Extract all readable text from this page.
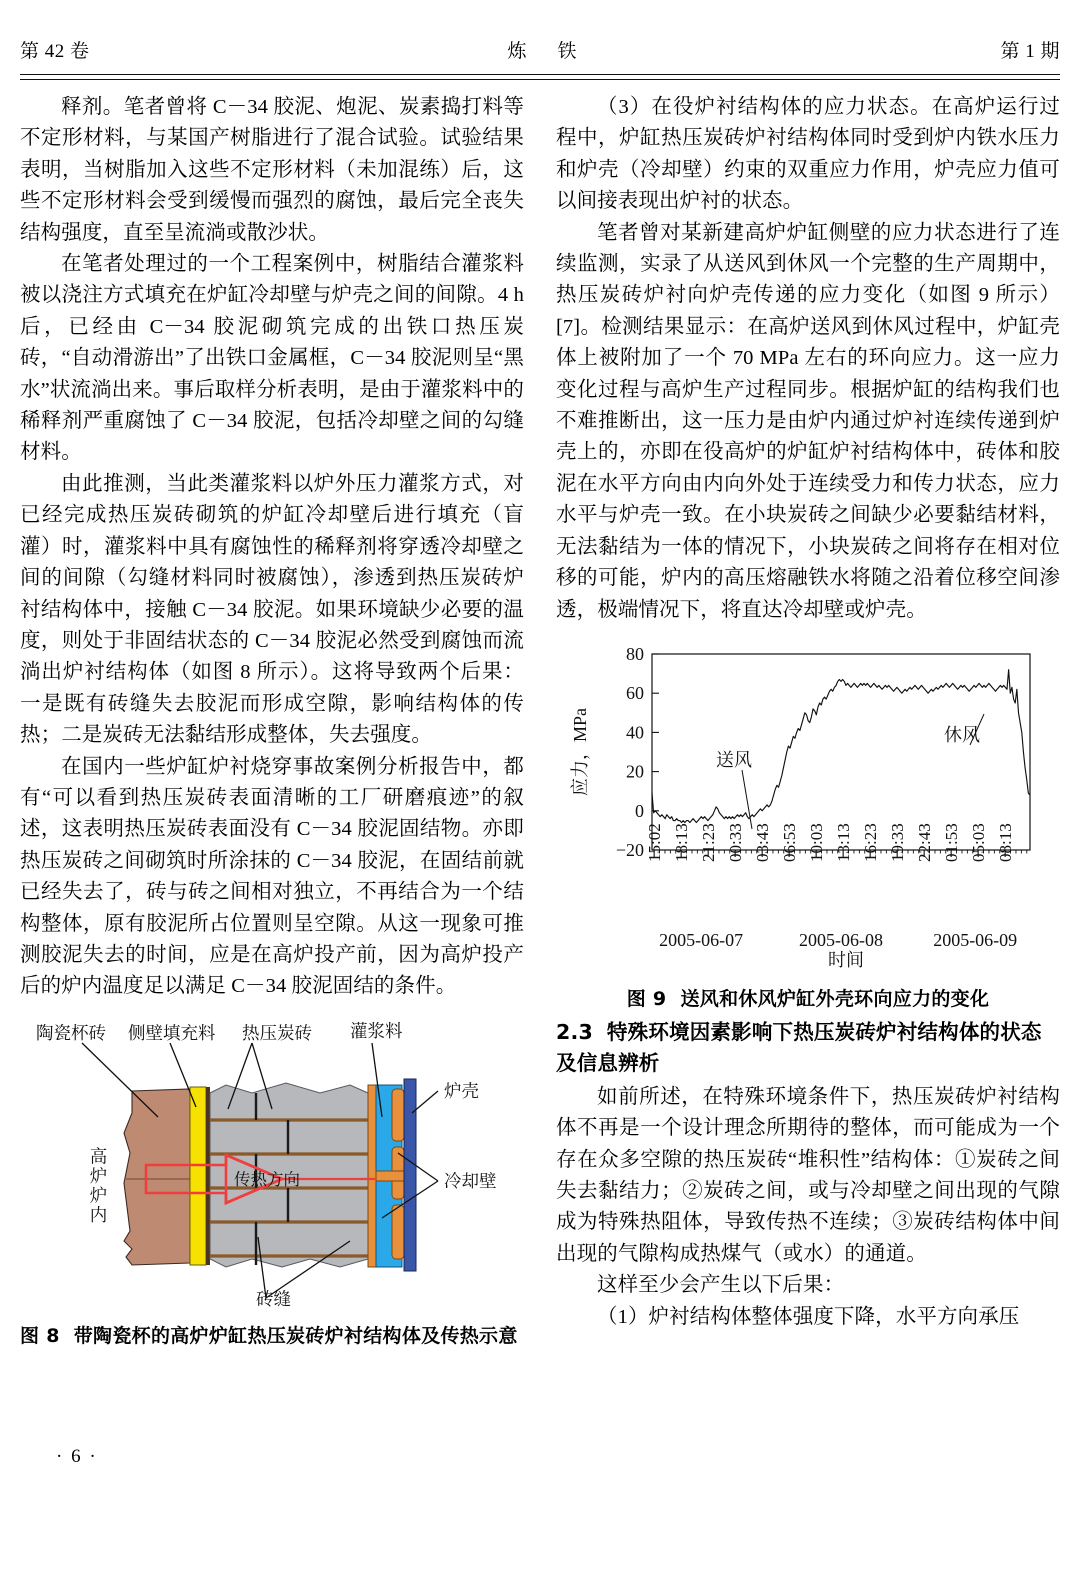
第 42 卷	炼　铁	第 1 期

释剂。笔者曾将 C－34 胶泥、炮泥、炭素捣打料等不定形材料，与某国产树脂进行了混合试验。试验结果表明，当树脂加入这些不定形材料（未加混练）后，这些不定形材料会受到缓慢而强烈的腐蚀，最后完全丧失结构强度，直至呈流淌或散沙状。

在笔者处理过的一个工程案例中，树脂结合灌浆料被以浇注方式填充在炉缸冷却壁与炉壳之间的间隙。4 h 后，已经由 C－34 胶泥砌筑完成的出铁口热压炭砖，“自动滑游出”了出铁口金属框，C－34 胶泥则呈“黑水”状流淌出来。事后取样分析表明，是由于灌浆料中的稀释剂严重腐蚀了 C－34 胶泥，包括冷却壁之间的勾缝材料。

由此推测，当此类灌浆料以炉外压力灌浆方式，对已经完成热压炭砖砌筑的炉缸冷却壁后进行填充（盲灌）时，灌浆料中具有腐蚀性的稀释剂将穿透冷却壁之间的间隙（勾缝材料同时被腐蚀），渗透到热压炭砖炉衬结构体中，接触 C－34 胶泥。如果环境缺少必要的温度，则处于非固结状态的 C－34 胶泥必然受到腐蚀而流淌出炉衬结构体（如图 8 所示）。这将导致两个后果：一是既有砖缝失去胶泥而形成空隙，影响结构体的传热；二是炭砖无法黏结形成整体，失去强度。

在国内一些炉缸炉衬烧穿事故案例分析报告中，都有“可以看到热压炭砖表面清晰的工厂研磨痕迹”的叙述，这表明热压炭砖表面没有 C－34 胶泥固结物。亦即热压炭砖之间砌筑时所涂抹的 C－34 胶泥，在固结前就已经失去了，砖与砖之间相对独立，不再结合为一个结构整体，原有胶泥所占位置则呈空隙。从这一现象可推测胶泥失去的时间，应是在高炉投产前，因为高炉投产后的炉内温度足以满足 C－34 胶泥固结的条件。

陶瓷杯砖 侧壁填充料 热压炭砖 灌浆料
炉壳
冷却壁
砖缝
传热方向
高炉炉内
图 8 带陶瓷杯的高炉炉缸热压炭砖炉衬结构体及传热示意
· 6 ·

（3）在役炉衬结构体的应力状态。在高炉运行过程中，炉缸热压炭砖炉衬结构体同时受到炉内铁水压力和炉壳（冷却壁）约束的双重应力作用，炉壳应力值可以间接表现出炉衬的状态。

笔者曾对某新建高炉炉缸侧壁的应力状态进行了连续监测，实录了从送风到休风一个完整的生产周期中，热压炭砖炉衬向炉壳传递的应力变化（如图 9 所示）[7]。检测结果显示：在高炉送风到休风过程中，炉缸壳体上被附加了一个 70 MPa 左右的环向应力。这一应力变化过程与高炉生产过程同步。根据炉缸的结构我们也不难推断出，这一压力是由炉内通过炉衬连续传递到炉壳上的，亦即在役高炉的炉缸炉衬结构体中，砖体和胶泥在水平方向由内向外处于连续受力和传力状态，应力水平与炉壳一致。在小块炭砖之间缺少必要黏结材料，无法黏结为一体的情况下，小块炭砖之间将存在相对位移的可能，炉内的高压熔融铁水将随之沿着位移空间渗透，极端情况下，将直达冷却壁或炉壳。

−20
0
20
40
60
80
15:02 18:13 21:23 00:33 03:43 06:53 10:03 13:13 16:23 19:33 22:43 01:53 05:03 08:13
送风
休风
2005-06-07	2005-06-08	2005-06-09
应力，MPa
时间
图 9 送风和休风炉缸外壳环向应力的变化

2.3 特殊环境因素影响下热压炭砖炉衬结构体的状态及信息辨析

如前所述，在特殊环境条件下，热压炭砖炉衬结构体不再是一个设计理念所期待的整体，而可能成为一个存在众多空隙的热压炭砖“堆积性”结构体：①炭砖之间失去黏结力；②炭砖之间，或与冷却壁之间出现的气隙成为特殊热阻体，导致传热不连续；③炭砖结构体中间出现的气隙构成热煤气（或水）的通道。

这样至少会产生以下后果：

（1）炉衬结构体整体强度下降，水平方向承压
